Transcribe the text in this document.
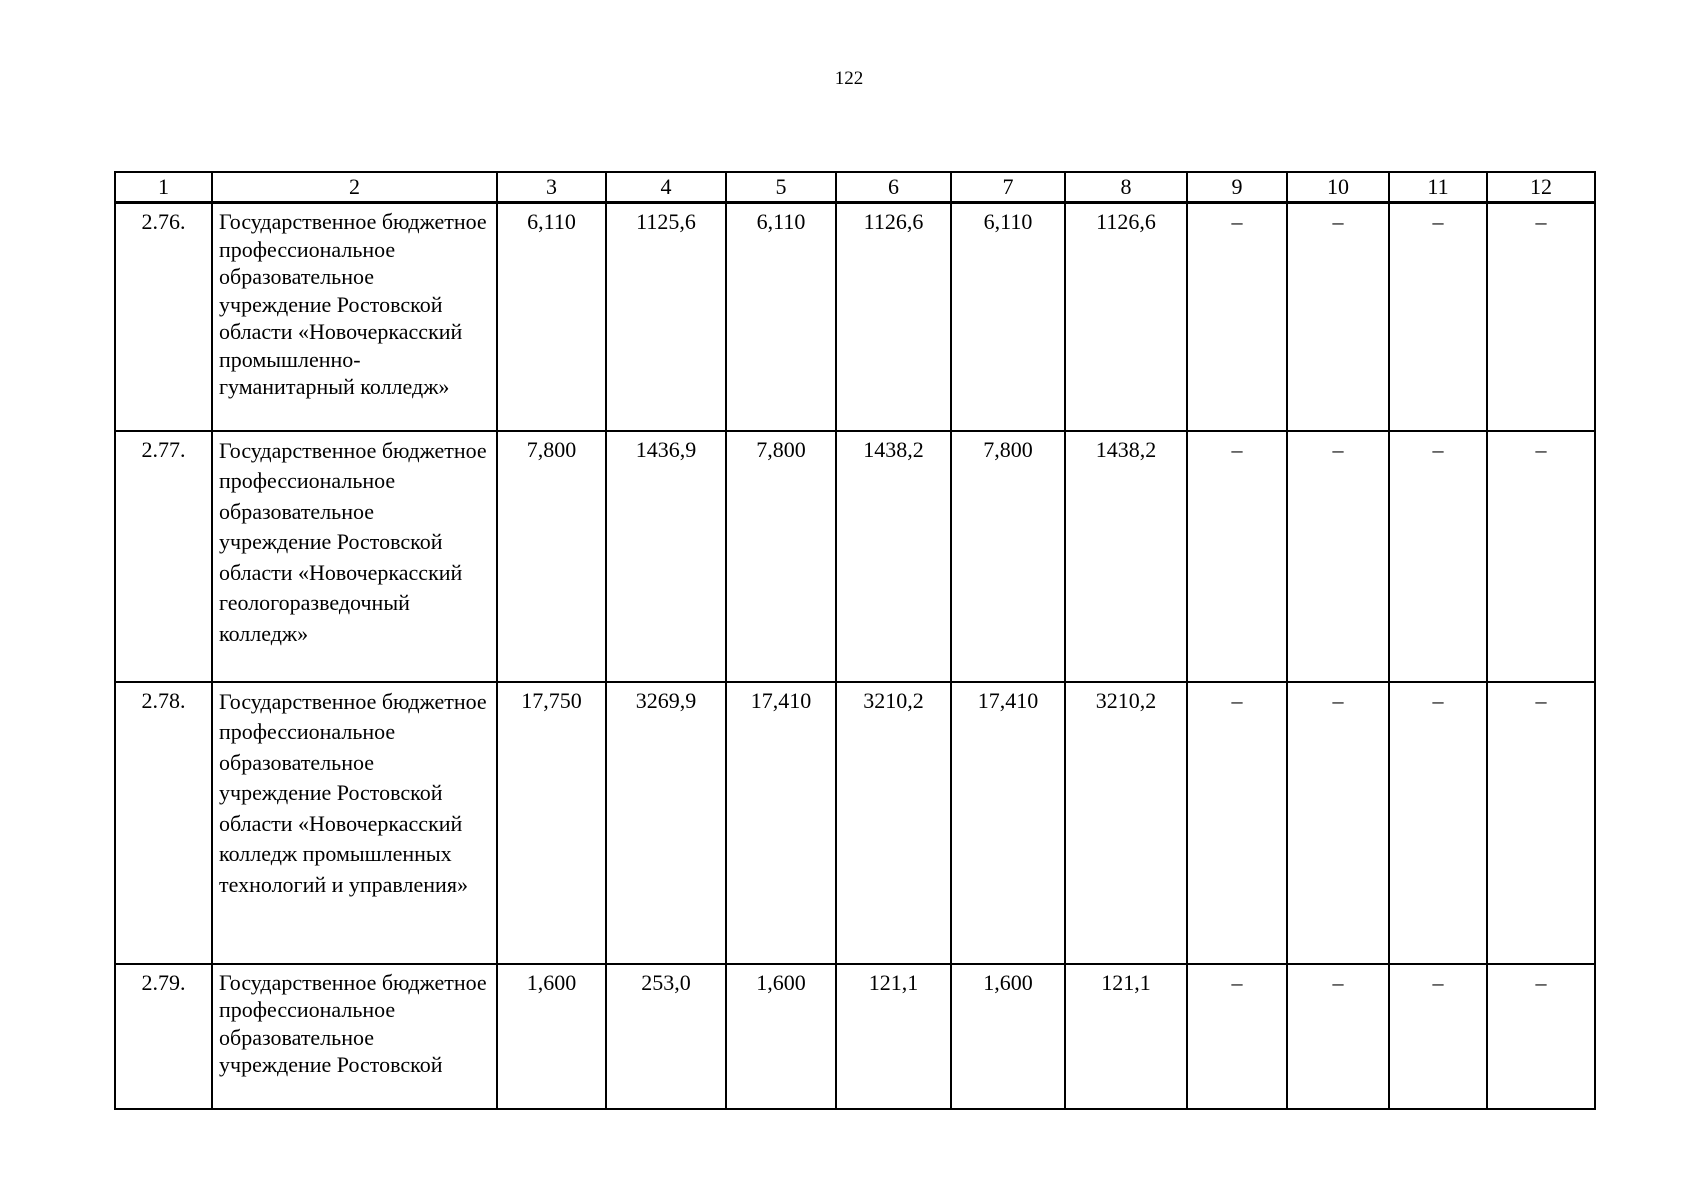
122
1	2	3	4	5	6	7	8	9	10	11	12
2.76.	Государственное бюджетное профессиональное образовательное учреждение Ростовской области «Новочеркасский промышленно-гуманитарный колледж»	6,110	1125,6	6,110	1126,6	6,110	1126,6	–	–	–	–
2.77.	Государственное бюджетное профессиональное образовательное учреждение Ростовской области «Новочеркасский геологоразведочный колледж»	7,800	1436,9	7,800	1438,2	7,800	1438,2	–	–	–	–
2.78.	Государственное бюджетное профессиональное образовательное учреждение Ростовской области «Новочеркасский колледж промышленных технологий и управления»	17,750	3269,9	17,410	3210,2	17,410	3210,2	–	–	–	–
2.79.	Государственное бюджетное профессиональное образовательное учреждение Ростовской	1,600	253,0	1,600	121,1	1,600	121,1	–	–	–	–
